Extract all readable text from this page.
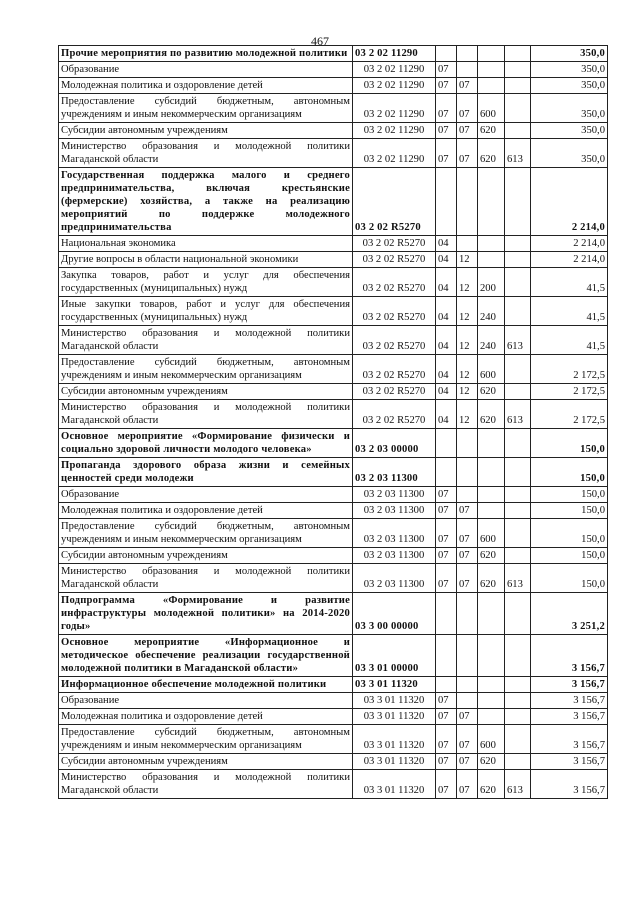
467
Прочие мероприятия по развитию молодежной политики	03 2 02 11290					350,0
Образование	03 2 02 11290	07				350,0
Молодежная политика и оздоровление детей	03 2 02 11290	07	07			350,0
Предоставление субсидий бюджетным, автономным учреждениям и иным некоммерческим организациям	03 2 02 11290	07	07	600		350,0
Субсидии автономным учреждениям	03 2 02 11290	07	07	620		350,0
Министерство образования и молодежной политики Магаданской области	03 2 02 11290	07	07	620	613	350,0
Государственная поддержка малого и среднего предпринимательства, включая крестьянские (фермерские) хозяйства, а также на реализацию мероприятий по поддержке молодежного предпринимательства	03 2 02 R5270					2 214,0
Национальная экономика	03 2 02 R5270	04				2 214,0
Другие вопросы в области национальной экономики	03 2 02 R5270	04	12			2 214,0
Закупка товаров, работ и услуг для обеспечения государственных (муниципальных) нужд	03 2 02 R5270	04	12	200		41,5
Иные закупки товаров, работ и услуг для обеспечения государственных (муниципальных) нужд	03 2 02 R5270	04	12	240		41,5
Министерство образования и молодежной политики Магаданской области	03 2 02 R5270	04	12	240	613	41,5
Предоставление субсидий бюджетным, автономным учреждениям и иным некоммерческим организациям	03 2 02 R5270	04	12	600		2 172,5
Субсидии автономным учреждениям	03 2 02 R5270	04	12	620		2 172,5
Министерство образования и молодежной политики Магаданской области	03 2 02 R5270	04	12	620	613	2 172,5
Основное мероприятие «Формирование физически и социально здоровой личности молодого человека»	03 2 03 00000					150,0
Пропаганда здорового образа жизни и семейных ценностей среди молодежи	03 2 03 11300					150,0
Образование	03 2 03 11300	07				150,0
Молодежная политика и оздоровление детей	03 2 03 11300	07	07			150,0
Предоставление субсидий бюджетным, автономным учреждениям и иным некоммерческим организациям	03 2 03 11300	07	07	600		150,0
Субсидии автономным учреждениям	03 2 03 11300	07	07	620		150,0
Министерство образования и молодежной политики Магаданской области	03 2 03 11300	07	07	620	613	150,0
Подпрограмма «Формирование и развитие инфраструктуры молодежной политики» на 2014-2020 годы»	03 3 00 00000					3 251,2
Основное мероприятие «Информационное и методическое обеспечение реализации государственной молодежной политики в Магаданской области»	03 3 01 00000					3 156,7
Информационное обеспечение молодежной политики	03 3 01 11320					3 156,7
Образование	03 3 01 11320	07				3 156,7
Молодежная политика и оздоровление детей	03 3 01 11320	07	07			3 156,7
Предоставление субсидий бюджетным, автономным учреждениям и иным некоммерческим организациям	03 3 01 11320	07	07	600		3 156,7
Субсидии автономным учреждениям	03 3 01 11320	07	07	620		3 156,7
Министерство образования и молодежной политики Магаданской области	03 3 01 11320	07	07	620	613	3 156,7
